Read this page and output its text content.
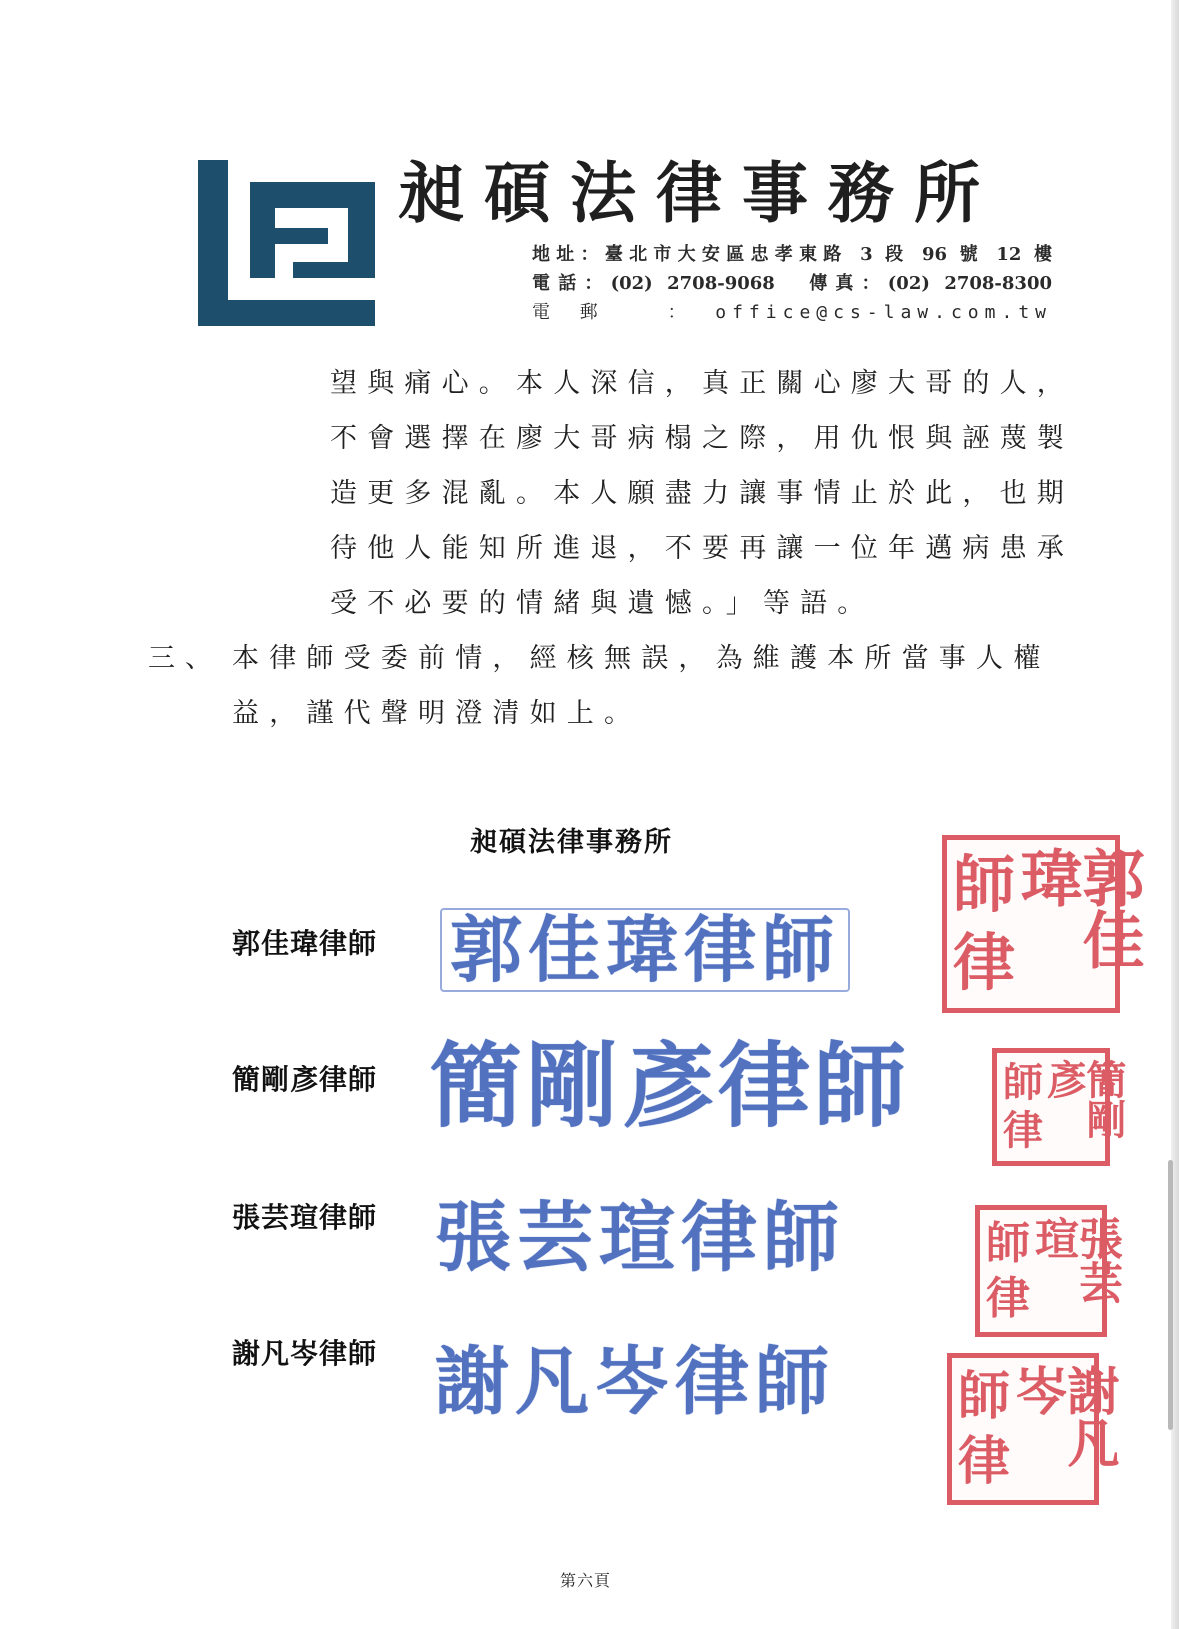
昶碩法律事務所
地址：臺北市大安區忠孝東路 3 段 96 號 12 樓
電話：(02) 2708-9068　傳真：(02) 2708-8300
電郵 ：office@cs-law.com.tw
望與痛心。本人深信，真正關心廖大哥的人，
不會選擇在廖大哥病榻之際，用仇恨與誣蔑製
造更多混亂。本人願盡力讓事情止於此，也期
待他人能知所進退，不要再讓一位年邁病患承
受不必要的情緒與遺憾。」等語。
三、 本律師受委前情，經核無誤，為維護本所當事人權
益，謹代聲明澄清如上。
昶碩法律事務所
郭佳瑋律師 郭佳瑋律師
師
律 郭佳瑋
簡剛彥律師 簡剛彥律師 師
律 簡剛彥
張芸瑄律師 張芸瑄律師	師
律 張芸瑄
謝凡岑律師 謝凡岑律師 師
律 謝凡岑
第六頁
